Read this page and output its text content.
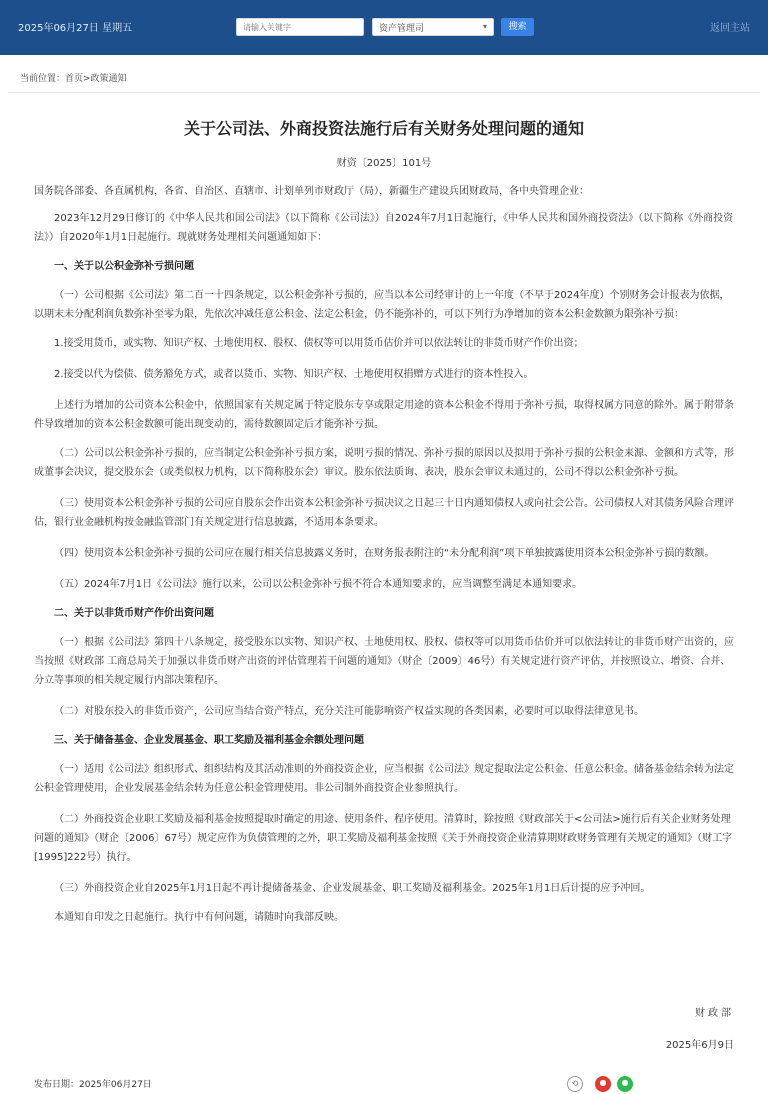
2025年06月27日 星期五
请输入关键字	资产管理司	▾	搜索	返回主站
当前位置：首页>政策通知
关于公司法、外商投资法施行后有关财务处理问题的通知
财资〔2025〕101号

国务院各部委、各直属机构，各省、自治区、直辖市、计划单列市财政厅（局），新疆生产建设兵团财政局，各中央管理企业：

2023年12月29日修订的《中华人民共和国公司法》（以下简称《公司法》）自2024年7月1日起施行，《中华人民共和国外商投资法》（以下简称《外商投资法》）自2020年1月1日起施行。现就财务处理相关问题通知如下：

一、关于以公积金弥补亏损问题

（一）公司根据《公司法》第二百一十四条规定，以公积金弥补亏损的，应当以本公司经审计的上一年度（不早于2024年度）个别财务会计报表为依据，以期末未分配利润负数弥补至零为限，先依次冲减任意公积金、法定公积金，仍不能弥补的，可以下列行为净增加的资本公积金数额为限弥补亏损：

1.接受用货币，或实物、知识产权、土地使用权、股权、债权等可以用货币估价并可以依法转让的非货币财产作价出资；

2.接受以代为偿债、债务豁免方式，或者以货币、实物、知识产权、土地使用权捐赠方式进行的资本性投入。

上述行为增加的公司资本公积金中，依照国家有关规定属于特定股东专享或限定用途的资本公积金不得用于弥补亏损，取得权属方同意的除外。属于附带条件导致增加的资本公积金数额可能出现变动的，需待数额固定后才能弥补亏损。

（二）公司以公积金弥补亏损的，应当制定公积金弥补亏损方案，说明亏损的情况、弥补亏损的原因以及拟用于弥补亏损的公积金来源、金额和方式等，形成董事会决议，提交股东会（或类似权力机构，以下简称股东会）审议。股东依法质询、表决，股东会审议未通过的，公司不得以公积金弥补亏损。

（三）使用资本公积金弥补亏损的公司应自股东会作出资本公积金弥补亏损决议之日起三十日内通知债权人或向社会公告。公司债权人对其债务风险合理评估，银行业金融机构按金融监管部门有关规定进行信息披露，不适用本条要求。

（四）使用资本公积金弥补亏损的公司应在履行相关信息披露义务时，在财务报表附注的“未分配利润”项下单独披露使用资本公积金弥补亏损的数额。

（五）2024年7月1日《公司法》施行以来，公司以公积金弥补亏损不符合本通知要求的，应当调整至满足本通知要求。

二、关于以非货币财产作价出资问题

（一）根据《公司法》第四十八条规定，接受股东以实物、知识产权、土地使用权、股权、债权等可以用货币估价并可以依法转让的非货币财产出资的，应当按照《财政部 工商总局关于加强以非货币财产出资的评估管理若干问题的通知》（财企〔2009〕46号）有关规定进行资产评估，并按照设立、增资、合并、分立等事项的相关规定履行内部决策程序。

（二）对股东投入的非货币资产，公司应当结合资产特点，充分关注可能影响资产权益实现的各类因素，必要时可以取得法律意见书。

三、关于储备基金、企业发展基金、职工奖励及福利基金余额处理问题

（一）适用《公司法》组织形式、组织结构及其活动准则的外商投资企业，应当根据《公司法》规定提取法定公积金、任意公积金。储备基金结余转为法定公积金管理使用，企业发展基金结余转为任意公积金管理使用。非公司制外商投资企业参照执行。

（二）外商投资企业职工奖励及福利基金按照提取时确定的用途、使用条件、程序使用。清算时，除按照《财政部关于<公司法>施行后有关企业财务处理问题的通知》（财企〔2006〕67号）规定应作为负债管理的之外，职工奖励及福利基金按照《关于外商投资企业清算期财政财务管理有关规定的通知》（财工字[1995]222号）执行。

（三）外商投资企业自2025年1月1日起不再计提储备基金、企业发展基金、职工奖励及福利基金。2025年1月1日后计提的应予冲回。

本通知自印发之日起施行。执行中有何问题，请随时向我部反映。

财政部
2025年6月9日
发布日期：2025年06月27日	⟲	●	●
